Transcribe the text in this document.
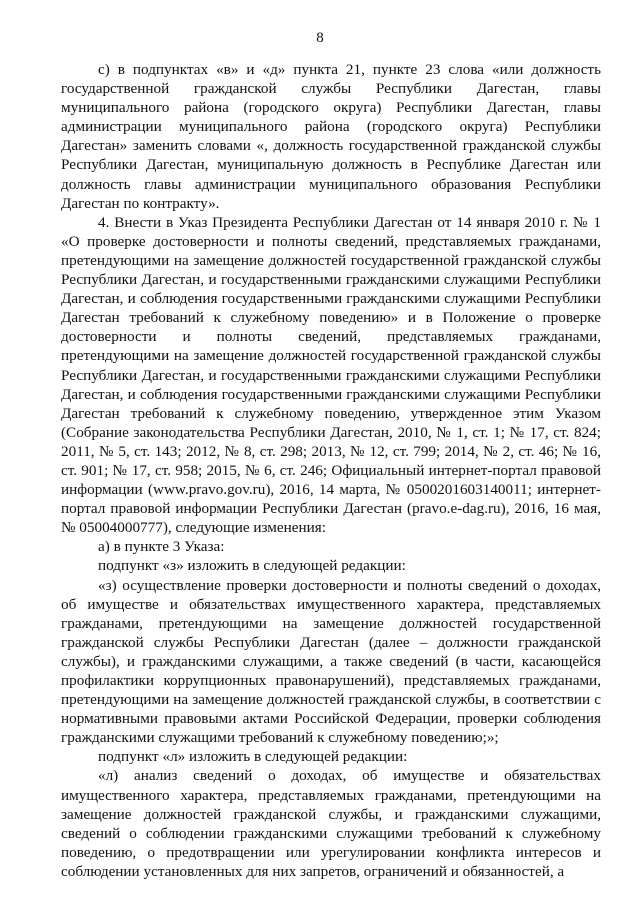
8

с) в подпунктах «в» и «д» пункта 21, пункте 23 слова «или должность государственной гражданской службы Республики Дагестан, главы муниципального района (городского округа) Республики Дагестан, главы администрации муниципального района (городского округа) Республики Дагестан» заменить словами «, должность государственной гражданской службы Республики Дагестан, муниципальную должность в Республике Дагестан или должность главы администрации муниципального образования Республики Дагестан по контракту».

4. Внести в Указ Президента Республики Дагестан от 14 января 2010 г. № 1 «О проверке достоверности и полноты сведений, представляемых гражданами, претендующими на замещение должностей государственной гражданской службы Республики Дагестан, и государственными гражданскими служащими Республики Дагестан, и соблюдения государственными гражданскими служащими Республики Дагестан требований к служебному поведению» и в Положение о проверке достоверности и полноты сведений, представляемых гражданами, претендующими на замещение должностей государственной гражданской службы Республики Дагестан, и государственными гражданскими служащими Республики Дагестан, и соблюдения государственными гражданскими служащими Республики Дагестан требований к служебному поведению, утвержденное этим Указом (Собрание законодательства Республики Дагестан, 2010, № 1, ст. 1; № 17, ст. 824; 2011, № 5, ст. 143; 2012, № 8, ст. 298; 2013, № 12, ст. 799; 2014, № 2, ст. 46; № 16, ст. 901; № 17, ст. 958; 2015, № 6, ст. 246; Официальный интернет-портал правовой информации (www.pravo.gov.ru), 2016, 14 марта, № 0500201603140011; интернет-портал правовой информации Республики Дагестан (pravo.e-dag.ru), 2016, 16 мая, № 05004000777), следующие изменения:

а) в пункте 3 Указа:

подпункт «з» изложить в следующей редакции:

«з) осуществление проверки достоверности и полноты сведений о доходах, об имуществе и обязательствах имущественного характера, представляемых гражданами, претендующими на замещение должностей государственной гражданской службы Республики Дагестан (далее – должности гражданской службы), и гражданскими служащими, а также сведений (в части, касающейся профилактики коррупционных правонарушений), представляемых гражданами, претендующими на замещение должностей гражданской службы, в соответствии с нормативными правовыми актами Российской Федерации, проверки соблюдения гражданскими служащими требований к служебному поведению;»;

подпункт «л» изложить в следующей редакции:

«л) анализ сведений о доходах, об имуществе и обязательствах имущественного характера, представляемых гражданами, претендующими на замещение должностей гражданской службы, и гражданскими служащими, сведений о соблюдении гражданскими служащими требований к служебному поведению, о предотвращении или урегулировании конфликта интересов и соблюдении установленных для них запретов, ограничений и обязанностей, а
